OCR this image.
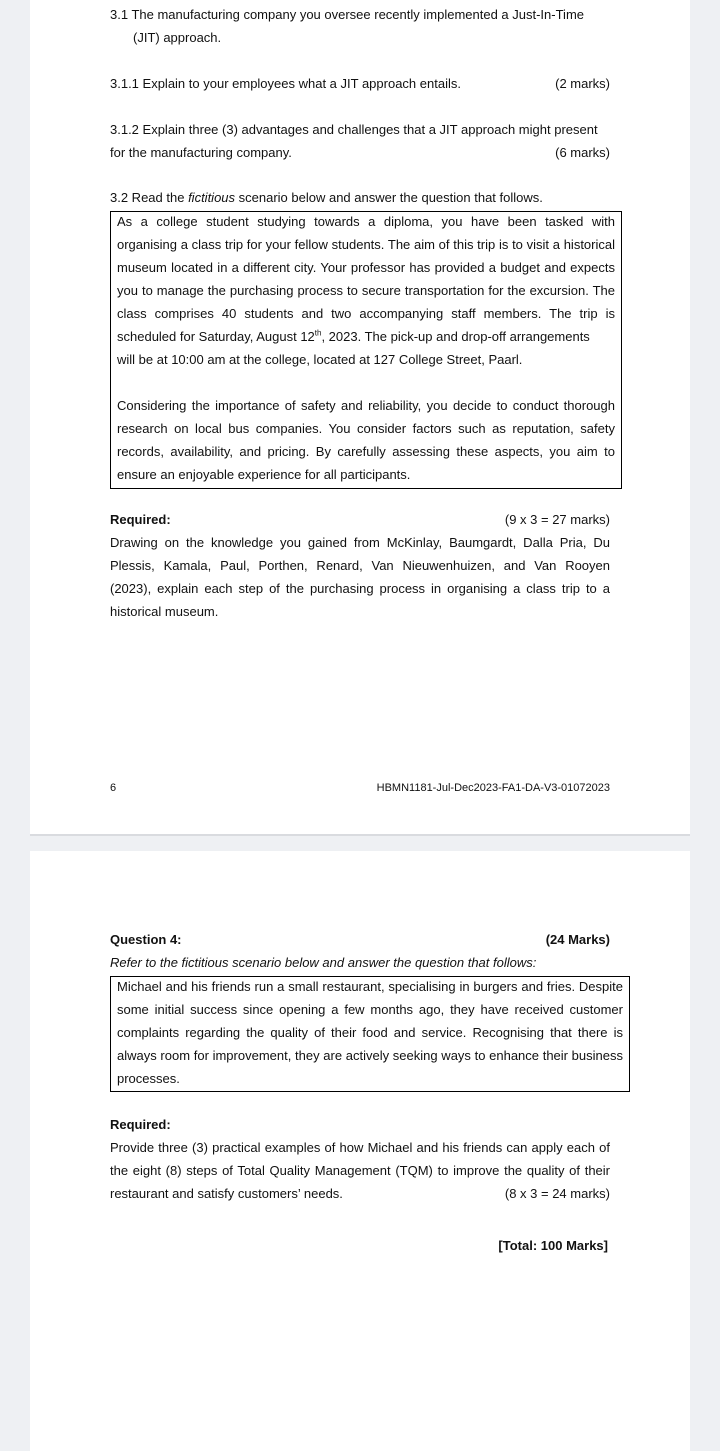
3.1 The manufacturing company you oversee recently implemented a Just-In-Time
(JIT) approach.
3.1.1 Explain to your employees what a JIT approach entails.	(2 marks)
3.1.2 Explain three (3) advantages and challenges that a JIT approach might present
for the manufacturing company.	(6 marks)
3.2 Read the fictitious scenario below and answer the question that follows.
As a college student studying towards a diploma, you have been tasked with
organising a class trip for your fellow students. The aim of this trip is to visit a historical
museum located in a different city. Your professor has provided a budget and expects
you to manage the purchasing process to secure transportation for the excursion. The
class comprises 40 students and two accompanying staff members. The trip is
scheduled for Saturday, August 12th, 2023. The pick-up and drop-off arrangements
will be at 10:00 am at the college, located at 127 College Street, Paarl.
Considering the importance of safety and reliability, you decide to conduct thorough
research on local bus companies. You consider factors such as reputation, safety
records, availability, and pricing. By carefully assessing these aspects, you aim to
ensure an enjoyable experience for all participants.
Required:	(9 x 3 = 27 marks)
Drawing on the knowledge you gained from McKinlay, Baumgardt, Dalla Pria, Du
Plessis, Kamala, Paul, Porthen, Renard, Van Nieuwenhuizen, and Van Rooyen
(2023), explain each step of the purchasing process in organising a class trip to a
historical museum.
6	HBMN1181-Jul-Dec2023-FA1-DA-V3-01072023
Question 4:	(24 Marks)
Refer to the fictitious scenario below and answer the question that follows:
Michael and his friends run a small restaurant, specialising in burgers and fries. Despite
some initial success since opening a few months ago, they have received customer
complaints regarding the quality of their food and service. Recognising that there is
always room for improvement, they are actively seeking ways to enhance their business
processes.
Required:
Provide three (3) practical examples of how Michael and his friends can apply each of
the eight (8) steps of Total Quality Management (TQM) to improve the quality of their
restaurant and satisfy customers’ needs.	(8 x 3 = 24 marks)
[Total: 100 Marks]
